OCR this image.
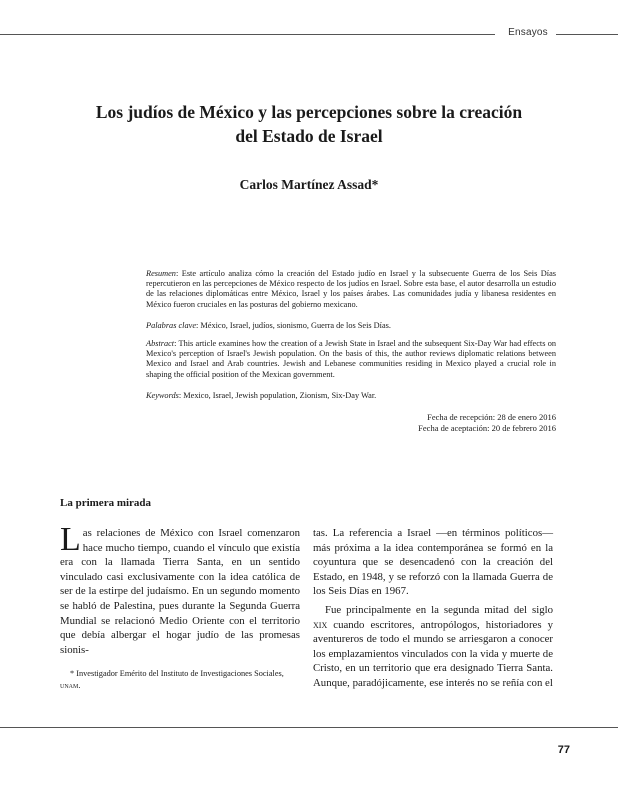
Ensayos
Los judíos de México y las percepciones sobre la creación
del Estado de Israel

Carlos Martínez Assad*

Resumen: Este artículo analiza cómo la creación del Estado judío en Israel y la subsecuente Guerra de los Seis Días repercutieron en las percepciones de México respecto de los judíos en Israel. Sobre esta base, el autor desarrolla un estudio de las relaciones diplomáticas entre México, Israel y los países árabes. Las comunidades judía y libanesa residentes en México fueron cruciales en las posturas del gobierno mexicano.

Palabras clave: México, Israel, judíos, sionismo, Guerra de los Seis Días.

Abstract: This article examines how the creation of a Jewish State in Israel and the subsequent Six-Day War had effects on Mexico's perception of Israel's Jewish population. On the basis of this, the author reviews diplomatic relations between Mexico and Israel and Arab countries. Jewish and Lebanese communities residing in Mexico played a crucial role in shaping the official position of the Mexican government.

Keywords: Mexico, Israel, Jewish population, Zionism, Six-Day War.

Fecha de recepción: 28 de enero 2016
Fecha de aceptación: 20 de febrero 2016

La primera mirada

Las relaciones de México con Israel comenzaron hace mucho tiempo, cuando el vínculo que existía era con la llamada Tierra Santa, en un sentido vinculado casi exclusivamente con la idea católica de ser de la estirpe del judaísmo. En un segundo momento se habló de Palestina, pues durante la Segunda Guerra Mundial se relacionó Medio Oriente con el territorio que debía albergar el hogar judío de las promesas sionis-

tas. La referencia a Israel —en términos políticos— más próxima a la idea contemporánea se formó en la coyuntura que se desencadenó con la creación del Estado, en 1948, y se reforzó con la llamada Guerra de los Seis Días en 1967.

Fue principalmente en la segunda mitad del siglo xix cuando escritores, antropólogos, historiadores y aventureros de todo el mundo se arriesgaron a conocer los emplazamientos vinculados con la vida y muerte de Cristo, en un territorio que era designado Tierra Santa. Aunque, paradójicamente, ese interés no se reñía con el

* Investigador Emérito del Instituto de Investigaciones Sociales, unam.

77
